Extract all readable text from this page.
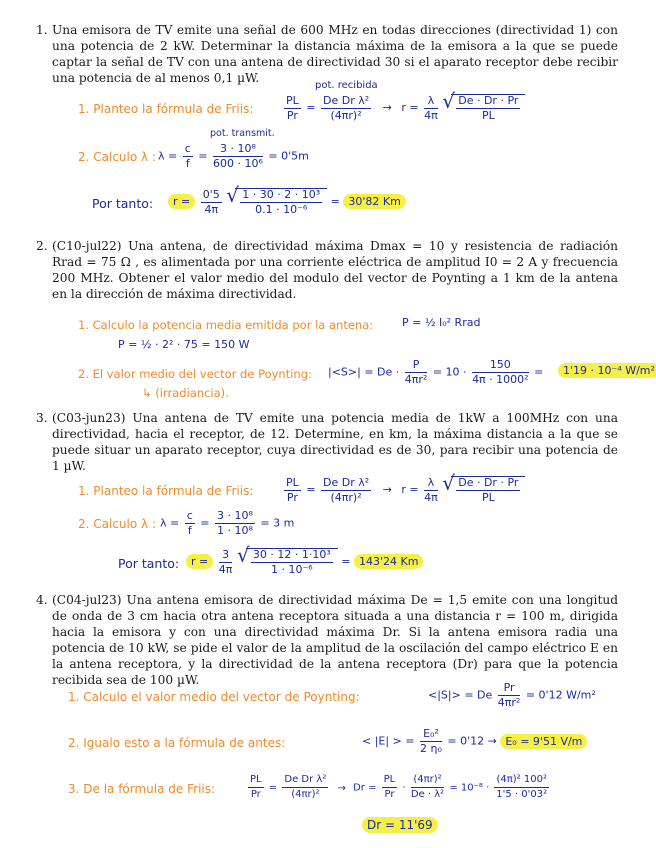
1. Una emisora de TV emite una señal de 600 MHz en todas direcciones (directividad 1) con una potencia de 2 kW. Determinar la distancia máxima de la emisora a la que se puede captar la señal de TV con una antena de directividad 30 si el aparato receptor debe recibir una potencia de al menos 0,1 µW.
1. Planteo la fórmula de Friis:
pot. recibida
pot. transmit.
$\frac{PL}{Pr} = \frac{\text{De Dr λ²}}{\text{(4πr)²}} \to r = \frac{\lambda}{4\pi}$
√ $\frac{De \cdot Dr \cdot Pr}{PL}$
2. Calculo λ : $\lambda = \frac{c}{f} = \frac{\text{3 · 10⁸}}{\text{600 · 10⁶}} = 0'5m$
Por tanto:	$r = \frac{0'5}{4\pi}$
√ $\frac{\text{1 · 30 · 2 · 10³}}{\text{0.1 · 10⁻⁶}} = 30'82$ Km
2. (C10-jul22) Una antena, de directividad máxima Dmax = 10 y resistencia de radiación Rrad = 75 Ω , es alimentada por una corriente eléctrica de amplitud I0 = 2 A y frecuencia 200 MHz. Obtener el valor medio del modulo del vector de Poynting a 1 km de la antena en la dirección de máxima directividad.
1. Calculo la potencia media emitida por la antena:	P = ½ I₀² Rrad
P = ½ · 2² · 75 = 150 W
2. El valor medio del vector de Poynting: $|<S>| = De \cdot \frac{P}{\text{4πr²}} = 10 \cdot \frac{150}{\text{4π · 1000²}}$ =	1'19 · 10⁻⁴ W/m²
↳ (irradiancia).
3. (C03-jun23) Una antena de TV emite una potencia media de 1kW a 100MHz con una directividad, hacia el receptor, de 12. Determine, en km, la máxima distancia a la que se puede situar un aparato receptor, cuya directividad es de 30, para recibir una potencia de 1 µW.
1. Planteo la fórmula de Friis:	$\frac{PL}{Pr} = \frac{\text{De Dr λ²}}{\text{(4πr)²}} \to r = \frac{\lambda}{4\pi}$
√ $\frac{De \cdot Dr \cdot Pr}{PL}$
2. Calculo λ : $\lambda = \frac{c}{f} = \frac{\text{3 · 10⁸}}{\text{1 · 10⁸}} = 3$ m
Por tanto:	$r = \frac{3}{4\pi}$
√ $\frac{\text{30 · 12 · 1·10³}}{\text{1 · 10⁻⁶}} = 143'24$ Km
4. (C04-jul23) Una antena emisora de directividad máxima De = 1,5 emite con una longitud de onda de 3 cm hacia otra antena receptora situada a una distancia r = 100 m, dirigida hacia la emisora y con una directividad máxima Dr. Si la antena emisora radia una potencia de 10 kW, se pide el valor de la amplitud de la oscilación del campo eléctrico E en la antena receptora, y la directividad de la antena receptora (Dr) para que la potencia recibida sea de 100 µW.
1. Calculo el valor medio del vector de Poynting:	<|S|> = De $\frac{Pr}{\text{4πr²}} = 0'12$ W/m²
2. Igualo esto a la fórmula de antes:	< |E| > = $\frac{\text{E₀²}}{\text{2 η₀}} = 0'12 \to E_0 = 9'51$ V/m
3. De la fórmula de Friis:	$\frac{PL}{Pr} = \frac{\text{De Dr λ²}}{\text{(4πr)²}} \to Dr = \frac{PL}{Pr} \cdot \frac{\text{(4πr)²}}{\text{De · λ²}} = 10^{-8} \cdot \frac{\text{(4π)² 100²}}{\text{1'5 · 0'03²}}$
Dr = 11'69
